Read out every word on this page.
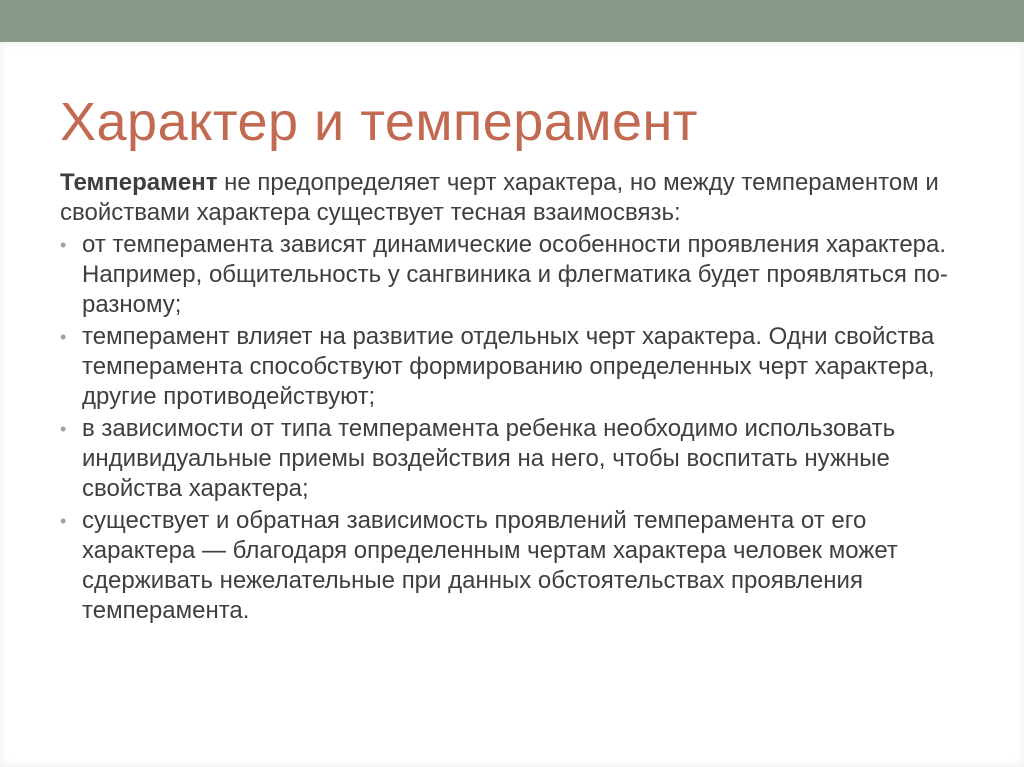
Характер и темперамент

Темперамент не предопределяет черт характера, но между темпераментом и свойствами характера существует тесная взаимосвязь:

• от темперамента зависят динамические особенности проявления характера. Например, общительность у сангвиника и флегматика будет проявляться по-разному;
• темперамент влияет на развитие отдельных черт характера. Одни свойства темперамента способствуют формированию определенных черт характера, другие противодействуют;
• в зависимости от типа темперамента ребенка необходимо использовать индивидуальные приемы воздействия на него, чтобы воспитать нужные свойства характера;
• существует и обратная зависимость проявлений темперамента от его характера — благодаря определенным чертам характера человек может сдерживать нежелательные при данных обстоятельствах проявления темперамента.
